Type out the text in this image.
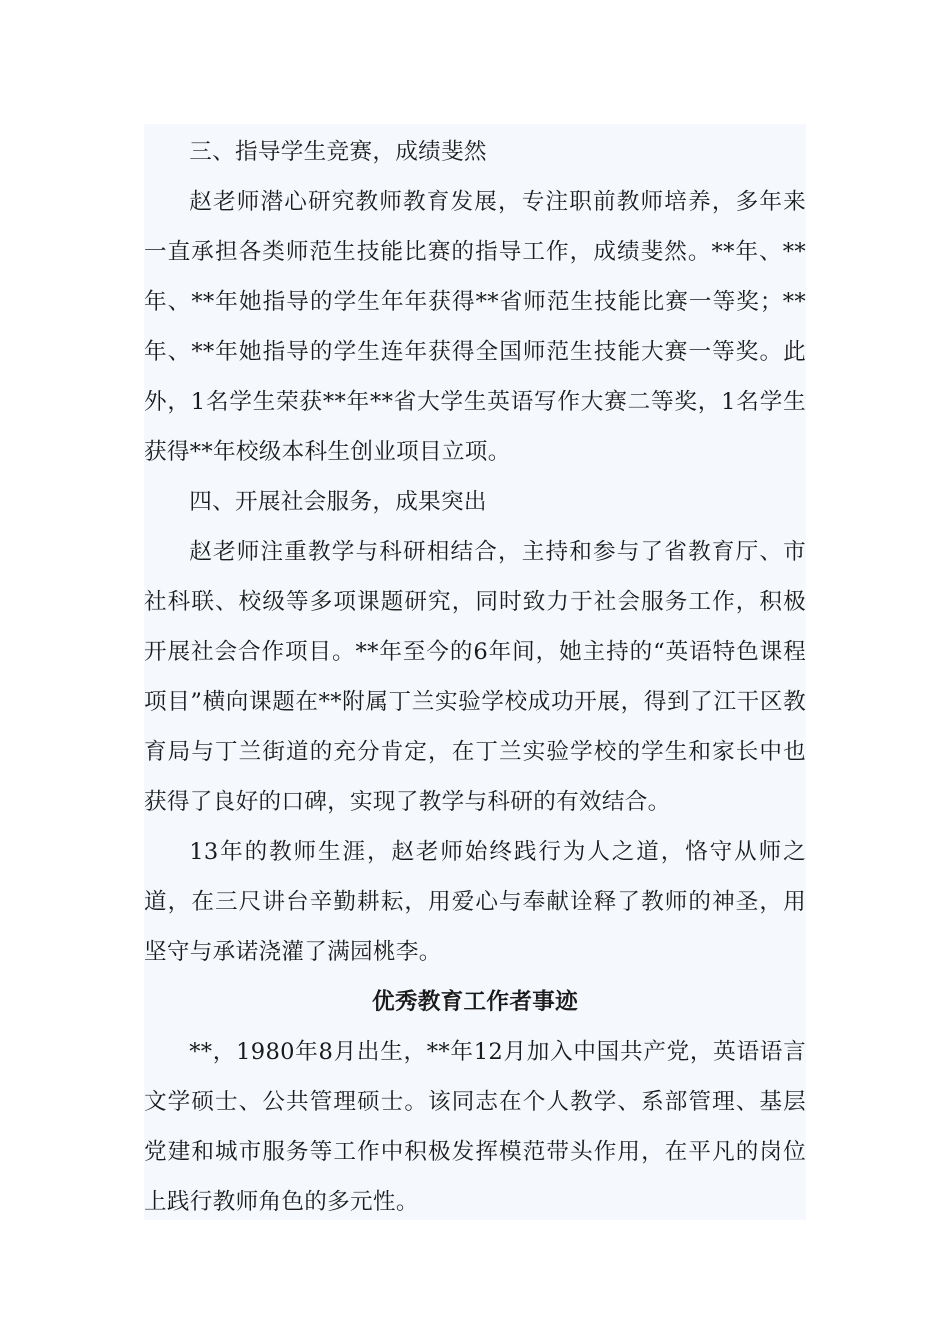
三、指导学生竞赛，成绩斐然

赵老师潜心研究教师教育发展，专注职前教师培养，多年来一直承担各类师范生技能比赛的指导工作，成绩斐然。**年、**年、**年她指导的学生年年获得**省师范生技能比赛一等奖；**年、**年她指导的学生连年获得全国师范生技能大赛一等奖。此外，1名学生荣获**年**省大学生英语写作大赛二等奖，1名学生获得**年校级本科生创业项目立项。

四、开展社会服务，成果突出

赵老师注重教学与科研相结合，主持和参与了省教育厅、市社科联、校级等多项课题研究，同时致力于社会服务工作，积极开展社会合作项目。**年至今的6年间，她主持的“英语特色课程项目”横向课题在**附属丁兰实验学校成功开展，得到了江干区教育局与丁兰街道的充分肯定，在丁兰实验学校的学生和家长中也获得了良好的口碑，实现了教学与科研的有效结合。

13年的教师生涯，赵老师始终践行为人之道，恪守从师之道，在三尺讲台辛勤耕耘，用爱心与奉献诠释了教师的神圣，用坚守与承诺浇灌了满园桃李。

优秀教育工作者事迹

**，1980年8月出生，**年12月加入中国共产党，英语语言文学硕士、公共管理硕士。该同志在个人教学、系部管理、基层党建和城市服务等工作中积极发挥模范带头作用，在平凡的岗位上践行教师角色的多元性。
